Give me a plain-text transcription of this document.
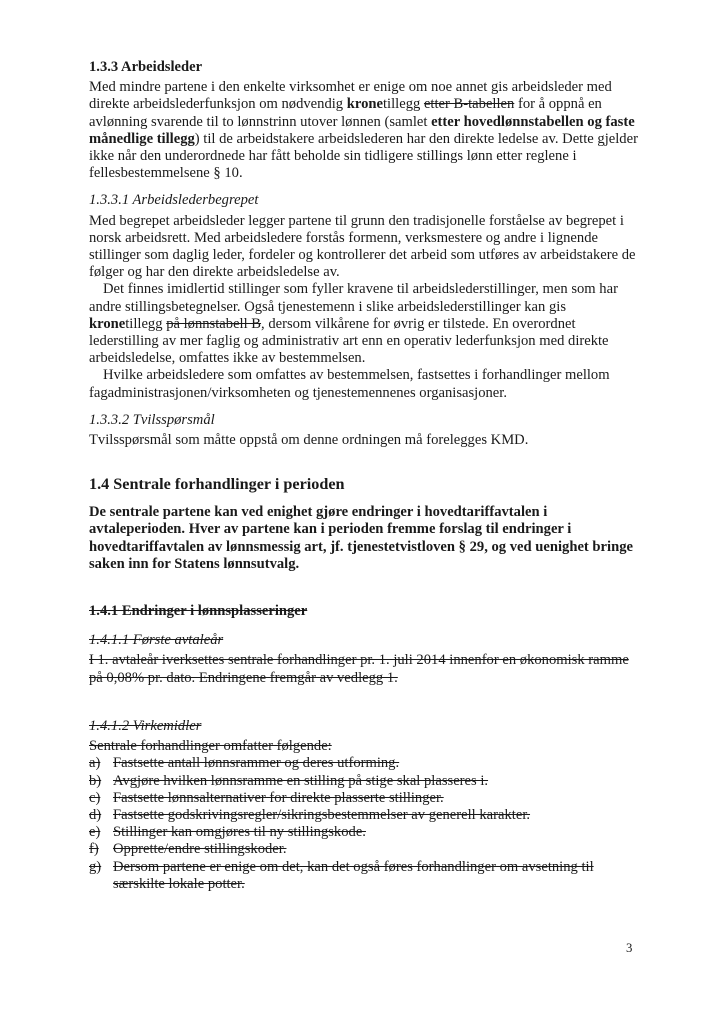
1.3.3 Arbeidsleder
Med mindre partene i den enkelte virksomhet er enige om noe annet gis arbeidsleder med direkte arbeidslederfunksjon om nødvendig kronetillegg etter B-tabellen for å oppnå en avlønning svarende til to lønnstrinn utover lønnen (samlet etter hovedlønnstabellen og faste månedlige tillegg) til de arbeidstakere arbeidslederen har den direkte ledelse av. Dette gjelder ikke når den underordnede har fått beholde sin tidligere stillings lønn etter reglene i fellesbestemmelsene § 10.
1.3.3.1 Arbeidslederbegrepet
Med begrepet arbeidsleder legger partene til grunn den tradisjonelle forståelse av begrepet i norsk arbeidsrett. Med arbeidsledere forstås formenn, verksmestere og andre i lignende stillinger som daglig leder, fordeler og kontrollerer det arbeid som utføres av arbeidstakere de følger og har den direkte arbeidsledelse av.
Det finnes imidlertid stillinger som fyller kravene til arbeidslederstillinger, men som har andre stillingsbetegnelser. Også tjenestemenn i slike arbeidslederstillinger kan gis kronetillegg på lønnstabell B, dersom vilkårene for øvrig er tilstede. En overordnet lederstilling av mer faglig og administrativ art enn en operativ lederfunksjon med direkte arbeidsledelse, omfattes ikke av bestemmelsen.
Hvilke arbeidsledere som omfattes av bestemmelsen, fastsettes i forhandlinger mellom fagadministrasjonen/virksomheten og tjenestemennenes organisasjoner.
1.3.3.2 Tvilsspørsmål
Tvilsspørsmål som måtte oppstå om denne ordningen må forelegges KMD.
1.4 Sentrale forhandlinger i perioden
De sentrale partene kan ved enighet gjøre endringer i hovedtariffavtalen i avtaleperioden. Hver av partene kan i perioden fremme forslag til endringer i hovedtariffavtalen av lønnsmessig art, jf. tjenestetvistloven § 29, og ved uenighet bringe saken inn for Statens lønnsutvalg.
1.4.1 Endringer i lønnsplasseringer
1.4.1.1 Første avtaleår
I 1. avtaleår iverksettes sentrale forhandlinger pr. 1. juli 2014 innenfor en økonomisk ramme på 0,08% pr. dato. Endringene fremgår av vedlegg 1.
1.4.1.2 Virkemidler
Sentrale forhandlinger omfatter følgende:
a) Fastsette antall lønnsrammer og deres utforming.
b) Avgjøre hvilken lønnsramme en stilling på stige skal plasseres i.
c) Fastsette lønnsalternativer for direkte plasserte stillinger.
d) Fastsette godskrivingsregler/sikringsbestemmelser av generell karakter.
e) Stillinger kan omgjøres til ny stillingskode.
f) Opprette/endre stillingskoder.
g) Dersom partene er enige om det, kan det også føres forhandlinger om avsetning til særskilte lokale potter.
3
